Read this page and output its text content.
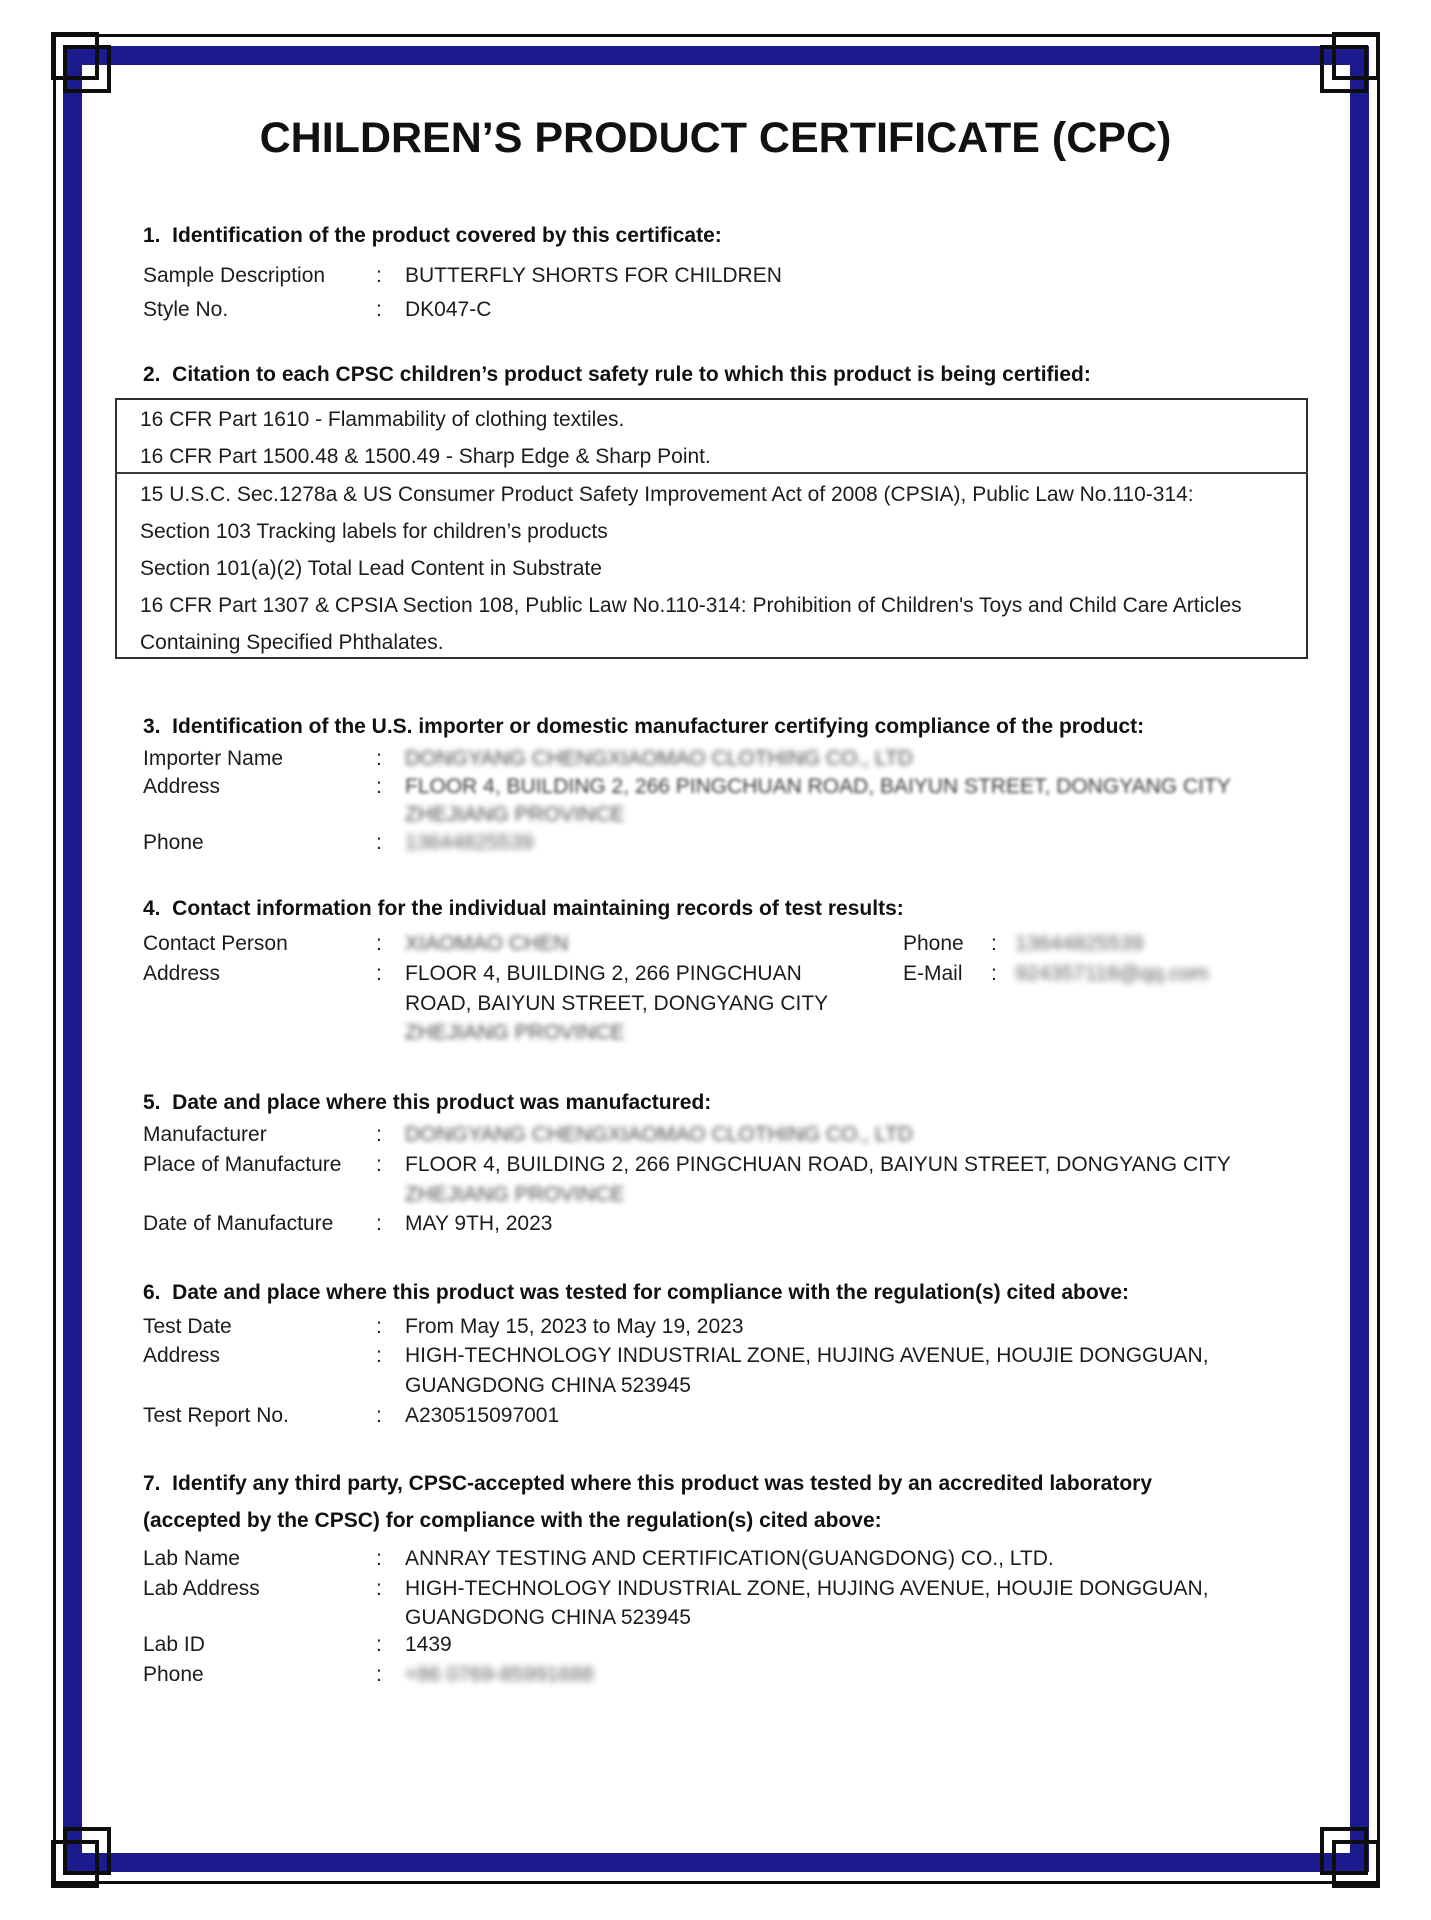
CHILDREN’S PRODUCT CERTIFICATE (CPC)
1.  Identification of the product covered by this certificate:
Sample Description : BUTTERFLY SHORTS FOR CHILDREN
Style No.	: DK047-C
2.  Citation to each CPSC children’s product safety rule to which this product is being certified:
16 CFR Part 1610 - Flammability of clothing textiles.
16 CFR Part 1500.48 & 1500.49 - Sharp Edge & Sharp Point.
15 U.S.C. Sec.1278a & US Consumer Product Safety Improvement Act of 2008 (CPSIA), Public Law No.110-314:
Section 103 Tracking labels for children’s products
Section 101(a)(2) Total Lead Content in Substrate
16 CFR Part 1307 & CPSIA Section 108, Public Law No.110-314: Prohibition of Children's Toys and Child Care Articles
Containing Specified Phthalates.
3.  Identification of the U.S. importer or domestic manufacturer certifying compliance of the product:
Importer Name	: DONGYANG CHENGXIAOMAO CLOTHING CO., LTD
Address	: FLOOR 4, BUILDING 2, 266 PINGCHUAN ROAD, BAIYUN STREET, DONGYANG CITY
ZHEJIANG PROVINCE
Phone	: 13644825539
4.  Contact information for the individual maintaining records of test results:
Contact Person	: XIAOMAO CHEN	Phone : 13644825539
Address	: FLOOR 4, BUILDING 2, 266 PINGCHUAN	E-Mail : 924357118@qq.com
ROAD, BAIYUN STREET, DONGYANG CITY
ZHEJIANG PROVINCE
5.  Date and place where this product was manufactured:
Manufacturer	: DONGYANG CHENGXIAOMAO CLOTHING CO., LTD
Place of Manufacture : FLOOR 4, BUILDING 2, 266 PINGCHUAN ROAD, BAIYUN STREET, DONGYANG CITY
ZHEJIANG PROVINCE
Date of Manufacture : MAY 9TH, 2023
6.  Date and place where this product was tested for compliance with the regulation(s) cited above:
Test Date	: From May 15, 2023 to May 19, 2023
Address	: HIGH-TECHNOLOGY INDUSTRIAL ZONE, HUJING AVENUE, HOUJIE DONGGUAN,
GUANGDONG CHINA 523945
Test Report No.	: A230515097001
7.  Identify any third party, CPSC-accepted where this product was tested by an accredited laboratory
(accepted by the CPSC) for compliance with the regulation(s) cited above:
Lab Name	: ANNRAY TESTING AND CERTIFICATION(GUANGDONG) CO., LTD.
Lab Address	: HIGH-TECHNOLOGY INDUSTRIAL ZONE, HUJING AVENUE, HOUJIE DONGGUAN,
GUANGDONG CHINA 523945
Lab ID	: 1439
Phone	: +86 0769-85991688
